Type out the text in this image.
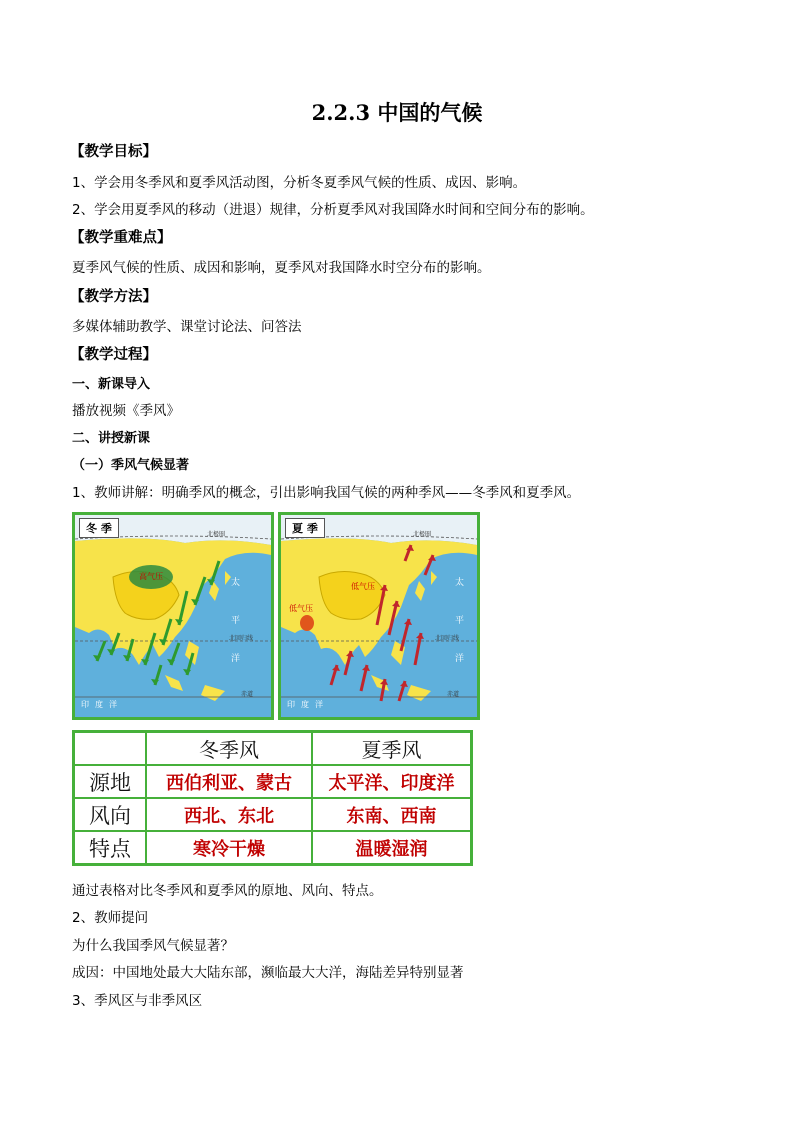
2.2.3 中国的气候
【教学目标】
1、学会用冬季风和夏季风活动图，分析冬夏季风气候的性质、成因、影响。
2、学会用夏季风的移动（进退）规律，分析夏季风对我国降水时间和空间分布的影响。
【教学重难点】
夏季风气候的性质、成因和影响，夏季风对我国降水时空分布的影响。
【教学方法】
多媒体辅助教学、课堂讨论法、问答法
【教学过程】
一、新课导入
播放视频《季风》
二、讲授新课
（一）季风气候显著
1、教师讲解：明确季风的概念，引出影响我国气候的两种季风——冬季风和夏季风。
冬 季	北极圈
北回归线
赤道
高气压
太
平
洋
印度洋
夏 季	北极圈
北回归线
赤道
低气压
低气压
太
平
洋
印度洋
	冬季风	夏季风
源地	西伯利亚、蒙古	太平洋、印度洋
风向	西北、东北	东南、西南
特点	寒冷干燥	温暖湿润
通过表格对比冬季风和夏季风的原地、风向、特点。
2、教师提问
为什么我国季风气候显著？
成因：中国地处最大大陆东部，濒临最大大洋，海陆差异特别显著
3、季风区与非季风区
